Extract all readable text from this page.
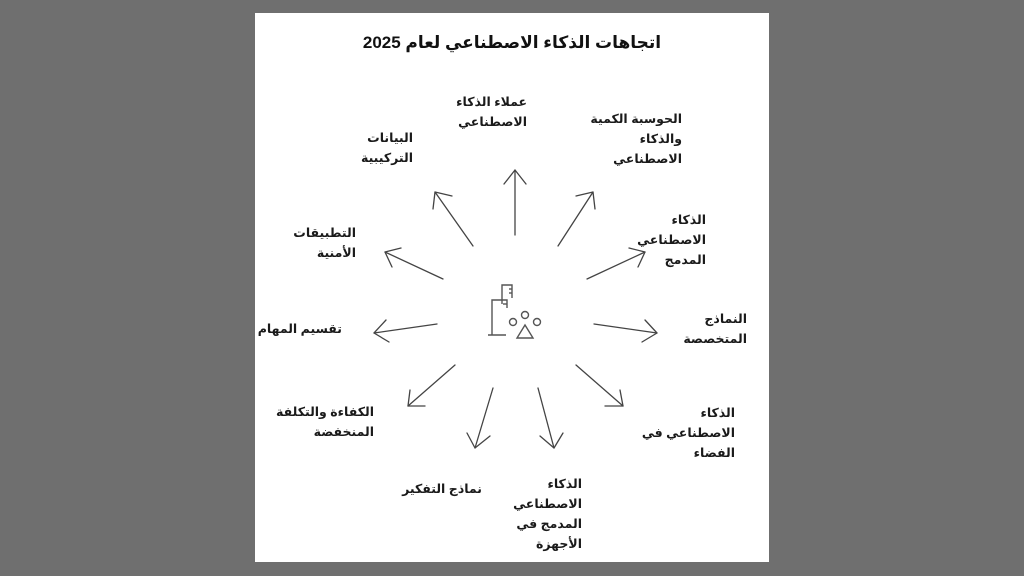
اتجاهات الذكاء الاصطناعي لعام 2025
عملاء الذكاء
الاصطناعي	الحوسبة الكمية
والذكاء
الاصطناعي
الذكاء
الاصطناعي
المدمج
النماذج
المتخصصة
الذكاء
الاصطناعي في
الفضاء
الذكاء
الاصطناعي
المدمج في
الأجهزة
نماذج التفكير
الكفاءة والتكلفة
المنخفضة
تقسيم المهام
التطبيقات
الأمنية
البيانات
التركيبية
